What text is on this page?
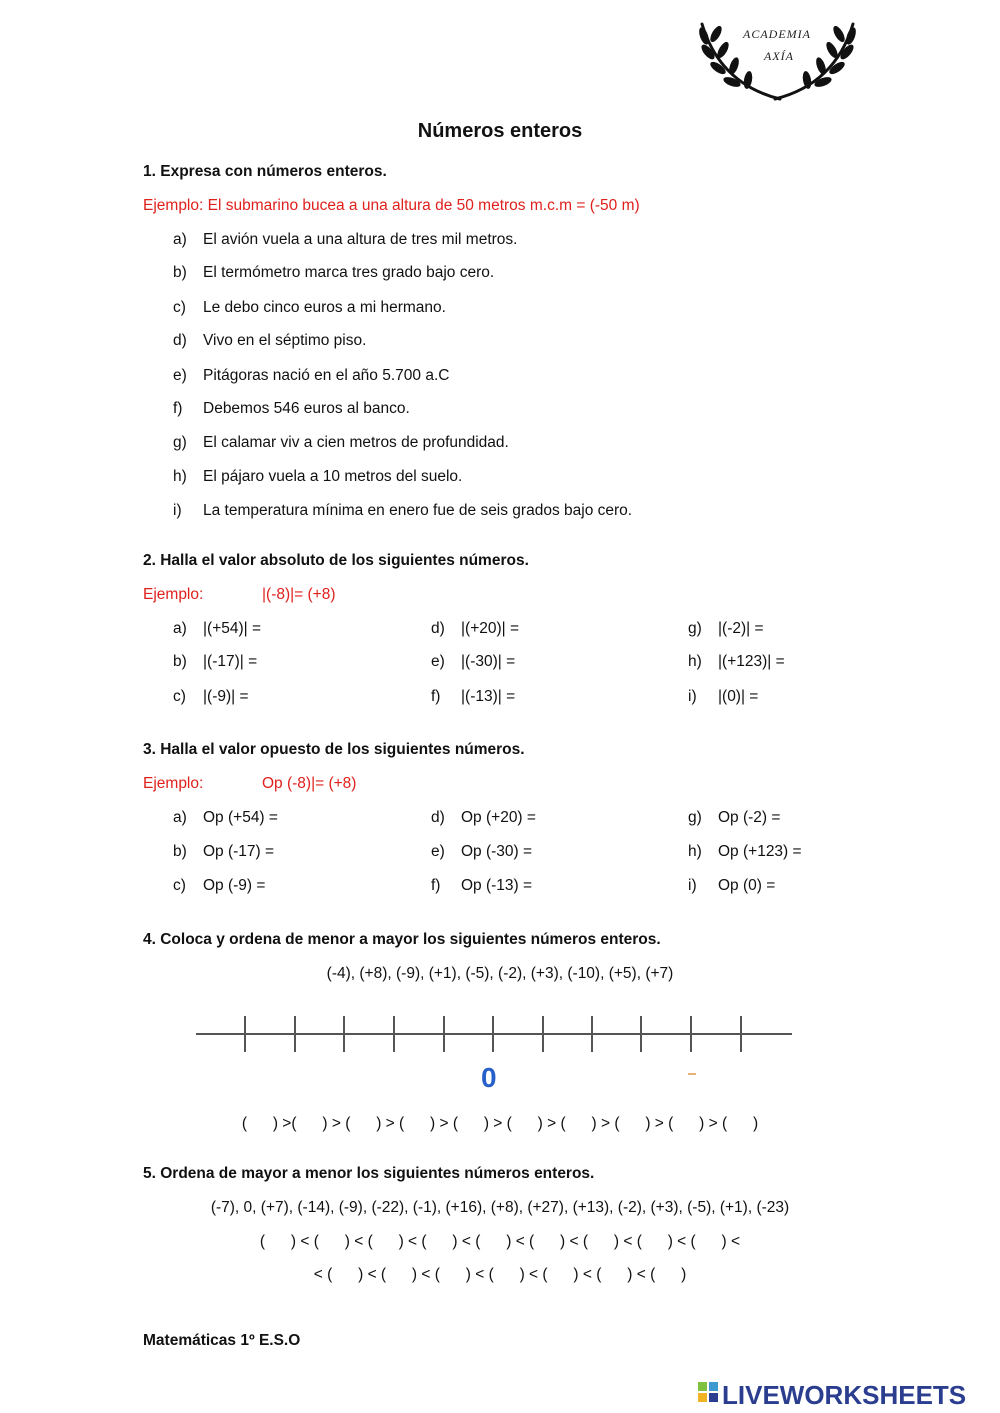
ACADEMIA
AXÍA
Números enteros
1. Expresa con números enteros.
Ejemplo: El submarino bucea a una altura de 50 metros m.c.m = (-50 m)
a) El avión vuela a una altura de tres mil metros.
b) El termómetro marca tres grado bajo cero.
c) Le debo cinco euros a mi hermano.
d) Vivo en el séptimo piso.
e) Pitágoras nació en el año 5.700 a.C
f) Debemos 546 euros al banco.
g) El calamar viv a cien metros de profundidad.
h) El pájaro vuela a 10 metros del suelo.
i) La temperatura mínima en enero fue de seis grados bajo cero.
2. Halla el valor absoluto de los siguientes números.
Ejemplo:	|(-8)|= (+8)
a) |(+54)| =
b) |(-17)| =
c) |(-9)| =
d) |(+20)| =
e) |(-30)| =
f) |(-13)| =
g) |(-2)| =
h) |(+123)| =
i) |(0)| =
3. Halla el valor opuesto de los siguientes números.
Ejemplo:	Op (-8)|= (+8)
a) Op (+54) =
b) Op (-17) =
c) Op (-9) =
d) Op (+20) =
e) Op (-30) =
f) Op (-13) =
g) Op (-2) =
h) Op (+123) =
i) Op (0) =
4. Coloca y ordena de menor a mayor los siguientes números enteros.
(-4), (+8), (-9), (+1), (-5), (-2), (+3), (-10), (+5), (+7)
0
(      ) >(      ) > (      ) > (      ) > (      ) > (      ) > (      ) > (      ) > (      ) > (      )
5. Ordena de mayor a menor los siguientes números enteros.
(-7), 0, (+7), (-14), (-9), (-22), (-1), (+16), (+8), (+27), (+13), (-2), (+3), (-5), (+1), (-23)
(      ) < (      ) < (      ) < (      ) < (      ) < (      ) < (      ) < (      ) < (      ) <
< (      ) < (      ) < (      ) < (      ) < (      ) < (      ) < (      )
Matemáticas 1º E.S.O
LIVEWORKSHEETS
